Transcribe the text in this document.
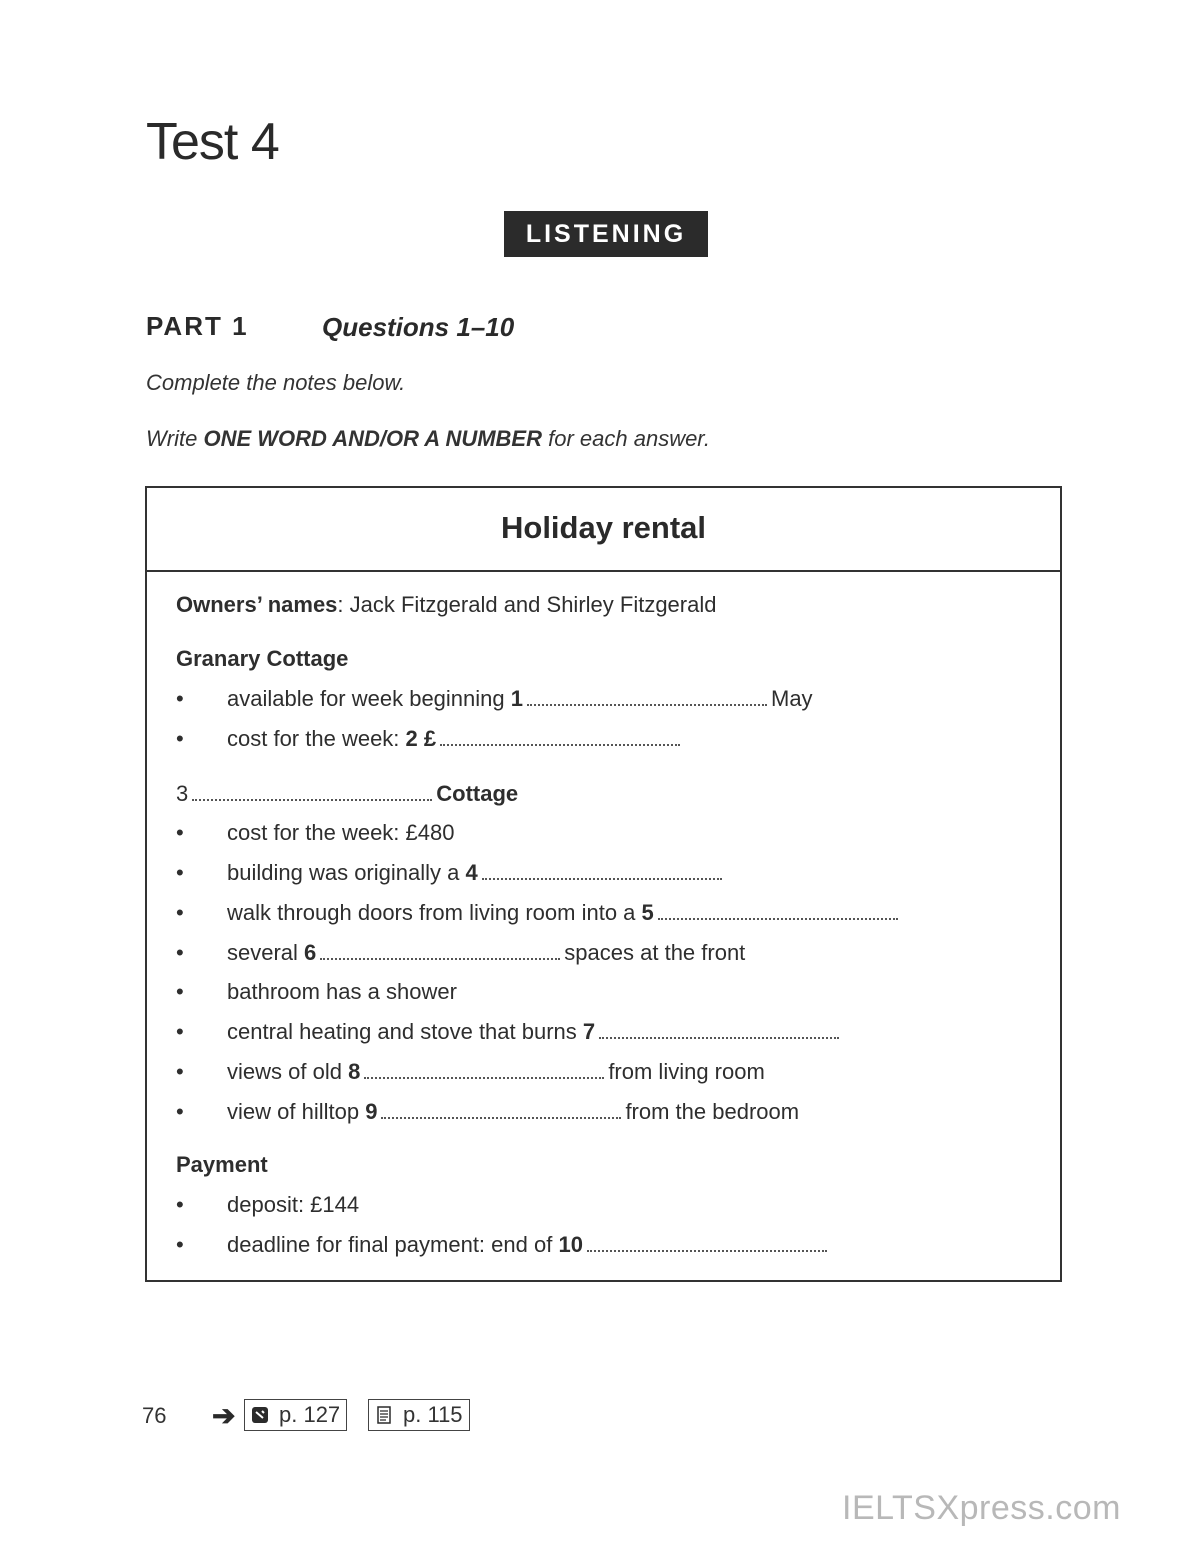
Test 4
LISTENING
PART 1	Questions 1–10
Complete the notes below.
Write ONE WORD AND/OR A NUMBER for each answer.
Holiday rental
Owners’ names: Jack Fitzgerald and Shirley Fitzgerald
Granary Cottage
• available for week beginning 1	May
• cost for the week: 2 £
3	Cottage
• cost for the week: £480
• building was originally a 4
• walk through doors from living room into a 5
• several 6	spaces at the front
• bathroom has a shower
• central heating and stove that burns 7
• views of old 8	from living room
• view of hilltop 9	from the bedroom
Payment
• deposit: £144
• deadline for final payment: end of 10
76 ➔ p. 127	p. 115
IELTSXpress.com
